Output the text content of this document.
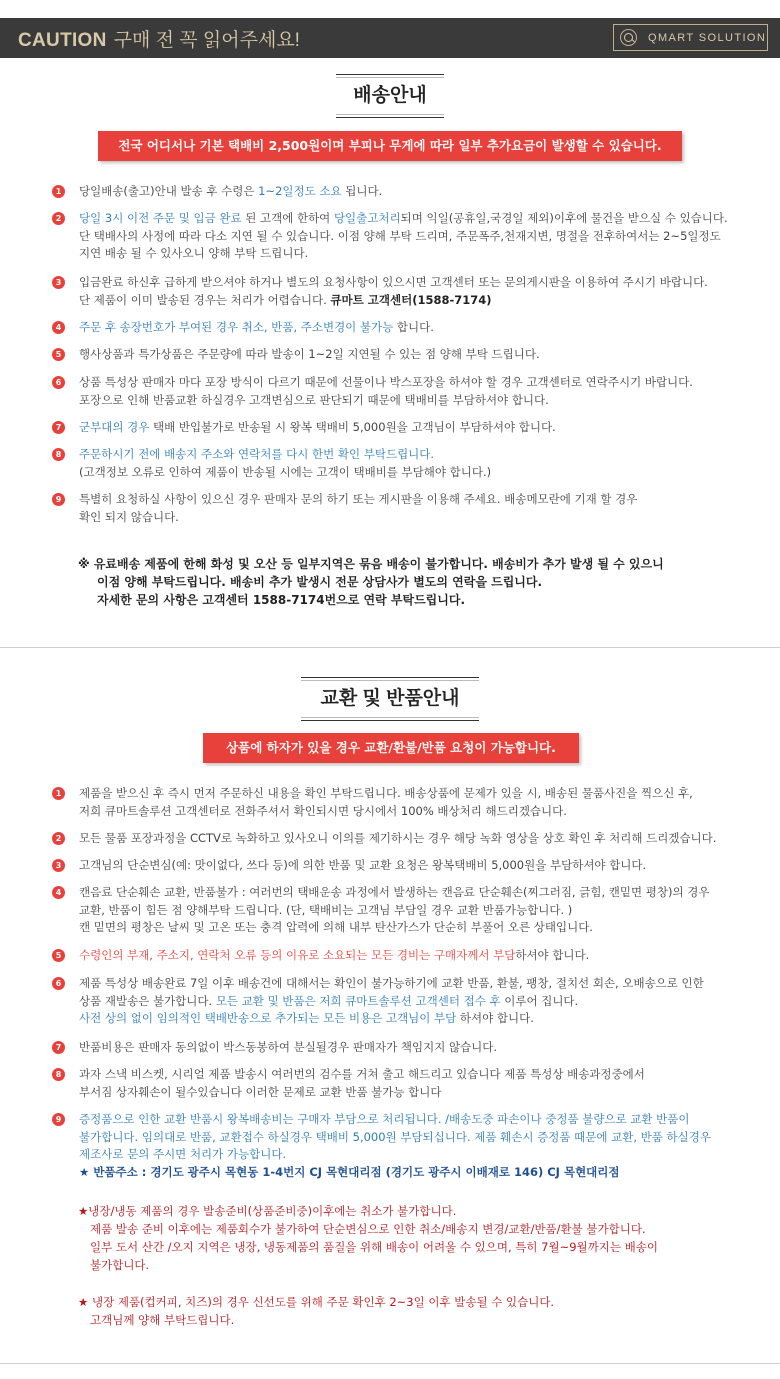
CAUTION 구매 전 꼭 읽어주세요!	QMART SOLUTION
배송안내
전국 어디서나 기본 택배비 2,500원이며 부피나 무게에 따라 일부 추가요금이 발생할 수 있습니다.
1	당일배송(출고)안내 발송 후 수령은 1~2일정도 소요 됩니다.
2	당일 3시 이전 주문 및 입금 완료 된 고객에 한하여 당일출고처리되며 익일(공휴일,국경일 제외)이후에 물건을 받으실 수 있습니다.
단 택배사의 사정에 따라 다소 지연 될 수 있습니다. 이점 양해 부탁 드리며, 주문폭주,천재지변, 명절을 전후하여서는 2~5일정도
지연 배송 될 수 있사오니 양해 부탁 드립니다.
3	입금완료 하신후 급하게 받으셔야 하거나 별도의 요청사항이 있으시면 고객센터 또는 문의게시판을 이용하여 주시기 바랍니다.
단 제품이 이미 발송된 경우는 처리가 어렵습니다. 큐마트 고객센터(1588-7174)
4	주문 후 송장번호가 부여된 경우 취소, 반품, 주소변경이 불가능 합니다.
5	행사상품과 특가상품은 주문량에 따라 발송이 1~2일 지연될 수 있는 점 양해 부탁 드립니다.
6	상품 특성상 판매자 마다 포장 방식이 다르기 때문에 선물이나 박스포장을 하셔야 할 경우 고객센터로 연락주시기 바랍니다.
포장으로 인해 반품교환 하실경우 고객변심으로 판단되기 때문에 택배비를 부담하셔야 합니다.
7	군부대의 경우 택배 반입불가로 반송될 시 왕복 택배비 5,000원을 고객님이 부담하셔야 합니다.
8	주문하시기 전에 배송지 주소와 연락처를 다시 한번 확인 부탁드립니다.
(고객정보 오류로 인하여 제품이 반송될 시에는 고객이 택배비를 부담해야 합니다.)
9	특별히 요청하실 사항이 있으신 경우 판매자 문의 하기 또는 게시판을 이용해 주세요. 배송메모란에 기재 할 경우
확인 되지 않습니다.
※ 유료배송 제품에 한해 화성 및 오산 등 일부지역은 묶음 배송이 불가합니다. 배송비가 추가 발생 될 수 있으니
이점 양해 부탁드립니다. 배송비 추가 발생시 전문 상담사가 별도의 연락을 드립니다.
자세한 문의 사항은 고객센터 1588-7174번으로 연락 부탁드립니다.
교환 및 반품안내
상품에 하자가 있을 경우 교환/환불/반품 요청이 가능합니다.
1	제품을 받으신 후 즉시 먼저 주문하신 내용을 확인 부탁드립니다. 배송상품에 문제가 있을 시, 배송된 물품사진을 찍으신 후,
저희 큐마트솔루션 고객센터로 전화주셔서 확인되시면 당시에서 100% 배상처리 해드리겠습니다.
2	모든 물품 포장과정을 CCTV로 녹화하고 있사오니 이의를 제기하시는 경우 해당 녹화 영상을 상호 확인 후 처리해 드리겠습니다.
3	고객님의 단순변심(예: 맛이없다, 쓰다 등)에 의한 반품 및 교환 요청은 왕복택배비 5,000원을 부담하셔야 합니다.
4	캔음료 단순훼손 교환, 반품불가 : 여러번의 택배운송 과정에서 발생하는 캔음료 단순훼손(찌그러짐, 긁힘, 캔밑면 평창)의 경우
교환, 반품이 힘든 점 양해부탁 드립니다. (단, 택배비는 고객님 부담일 경우 교환 반품가능합니다. )
캔 밑면의 평창은 날씨 및 고온 또는 충격 압력에 의해 내부 탄산가스가 단순히 부풀어 오른 상태입니다.
5	수령인의 부재, 주소지, 연락처 오류 등의 이유로 소요되는 모든 경비는 구매자께서 부담하셔야 합니다.
6	제품 특성상 배송완료 7일 이후 배송건에 대해서는 확인이 불가능하기에 교환 반품, 환불, 팽창, 절치선 회손, 오배송으로 인한
상품 재발송은 불가합니다. 모든 교환 및 반품은 저희 큐마트솔루션 고객센터 접수 후 이루어 집니다.
사전 상의 없이 임의적인 택배반송으로 추가되는 모든 비용은 고객님이 부담 하셔야 합니다.
7	반품비용은 판매자 동의없이 박스동봉하여 분실될경우 판매자가 책임지지 않습니다.
8	과자 스낵 비스켓, 시리얼 제품 발송시 여러번의 검수를 거쳐 출고 해드리고 있습니다 제품 특성상 배송과정중에서
부서짐 상자훼손이 될수있습니다 이러한 문제로 교환 반품 불가능 합니다
9	증정품으로 인한 교환 반품시 왕복배송비는 구매자 부담으로 처리됩니다. /배송도중 파손이나 중정품 불량으로 교환 반품이
불가합니다. 임의대로 반품, 교환접수 하실경우 택배비 5,000원 부담되십니다. 제품 훼손시 증정품 때문에 교환, 반품 하실경우
제조사로 문의 주시면 처리가 가능합니다.
★ 반품주소 : 경기도 광주시 목현동 1-4번지 CJ 목현대리점 (경기도 광주시 이배재로 146) CJ 목현대리점
★냉장/냉동 제품의 경우 발송준비(상품준비중)이후에는 취소가 불가합니다.
제품 발송 준비 이후에는 제품회수가 불가하여 단순변심으로 인한 취소/배송지 변경/교환/반품/환불 불가합니다.
일부 도서 산간 /오지 지역은 냉장, 냉동제품의 품질을 위해 배송이 어려울 수 있으며, 특히 7월~9월까지는 배송이
불가합니다.
★ 냉장 제품(컵커피, 치즈)의 경우 신선도를 위해 주문 확인후 2~3일 이후 발송될 수 있습니다.
고객님께 양해 부탁드립니다.
